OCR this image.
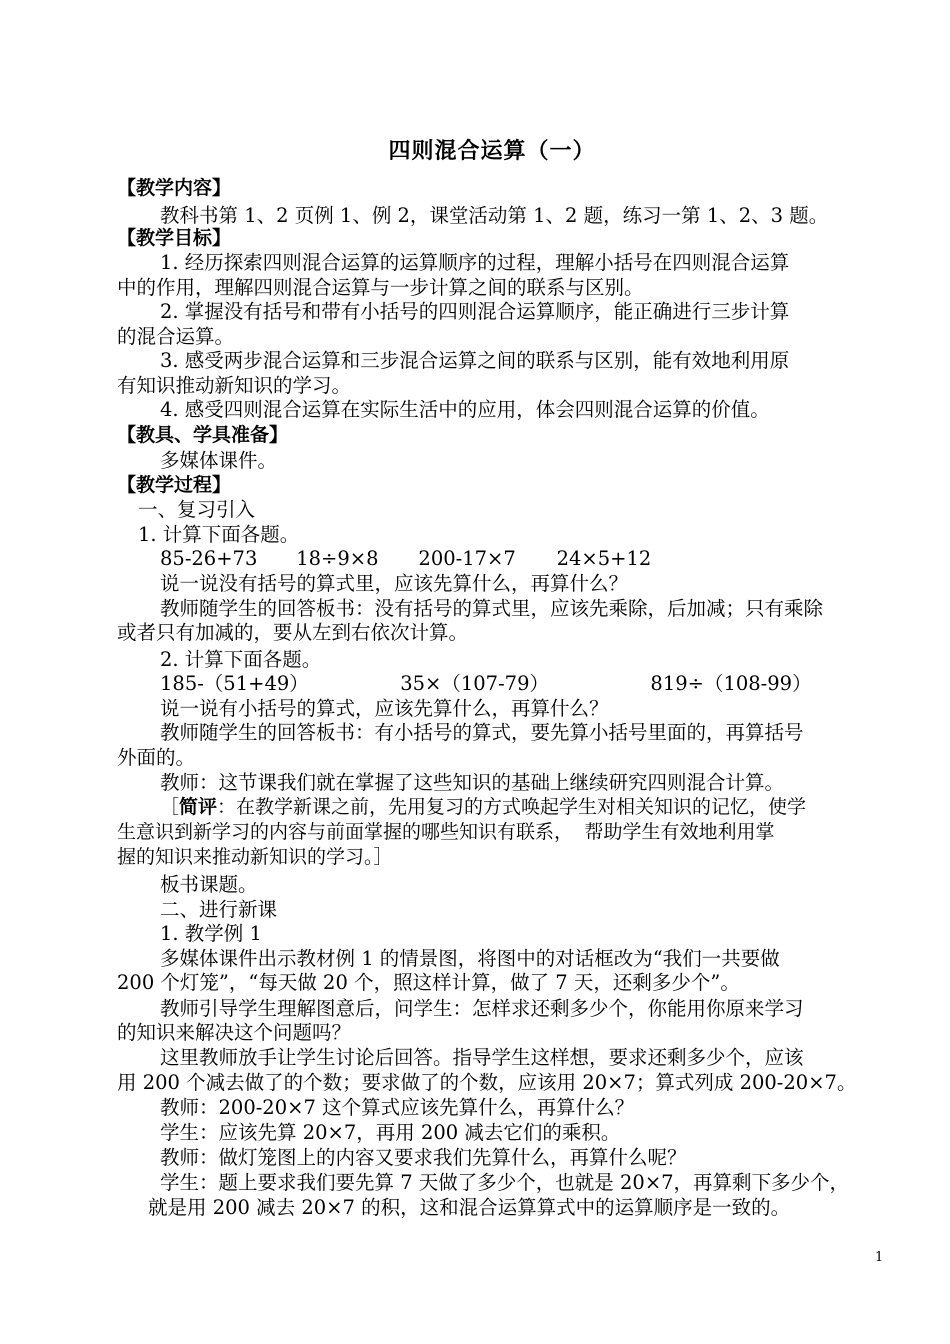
四则混合运算（一）
【教学内容】
教科书第 1、2 页例 1、例 2，课堂活动第 1、2 题，练习一第 1、2、3 题。
【教学目标】
1. 经历探索四则混合运算的运算顺序的过程，理解小括号在四则混合运算
中的作用，理解四则混合运算与一步计算之间的联系与区别。
2. 掌握没有括号和带有小括号的四则混合运算顺序，能正确进行三步计算
的混合运算。
3. 感受两步混合运算和三步混合运算之间的联系与区别，能有效地利用原
有知识推动新知识的学习。
4. 感受四则混合运算在实际生活中的应用，体会四则混合运算的价值。
【教具、学具准备】
多媒体课件。
【教学过程】
一、复习引入
1. 计算下面各题。
85-26+73 18÷9×8 200-17×7 24×5+12
说一说没有括号的算式里，应该先算什么，再算什么？
教师随学生的回答板书：没有括号的算式里，应该先乘除，后加减；只有乘除
或者只有加减的，要从左到右依次计算。
2. 计算下面各题。
185-（51+49）	35×（107-79）	819÷（108-99）
说一说有小括号的算式，应该先算什么，再算什么？
教师随学生的回答板书：有小括号的算式，要先算小括号里面的，再算括号
外面的。
教师：这节课我们就在掌握了这些知识的基础上继续研究四则混合计算。
［简评：在教学新课之前，先用复习的方式唤起学生对相关知识的记忆，使学
生意识到新学习的内容与前面掌握的哪些知识有联系， 帮助学生有效地利用掌
握的知识来推动新知识的学习。］
板书课题。
二、进行新课
1. 教学例 1
多媒体课件出示教材例 1 的情景图，将图中的对话框改为“我们一共要做
200 个灯笼”，“每天做 20 个，照这样计算，做了 7 天，还剩多少个”。
教师引导学生理解图意后，问学生：怎样求还剩多少个，你能用你原来学习
的知识来解决这个问题吗？
这里教师放手让学生讨论后回答。指导学生这样想，要求还剩多少个，应该
用 200 个减去做了的个数；要求做了的个数，应该用 20×7；算式列成 200-20×7。
教师：200-20×7 这个算式应该先算什么，再算什么？
学生：应该先算 20×7，再用 200 减去它们的乘积。
教师：做灯笼图上的内容又要求我们先算什么，再算什么呢？
学生：题上要求我们要先算 7 天做了多少个，也就是 20×7，再算剩下多少个，
就是用 200 减去 20×7 的积，这和混合运算算式中的运算顺序是一致的。
1
